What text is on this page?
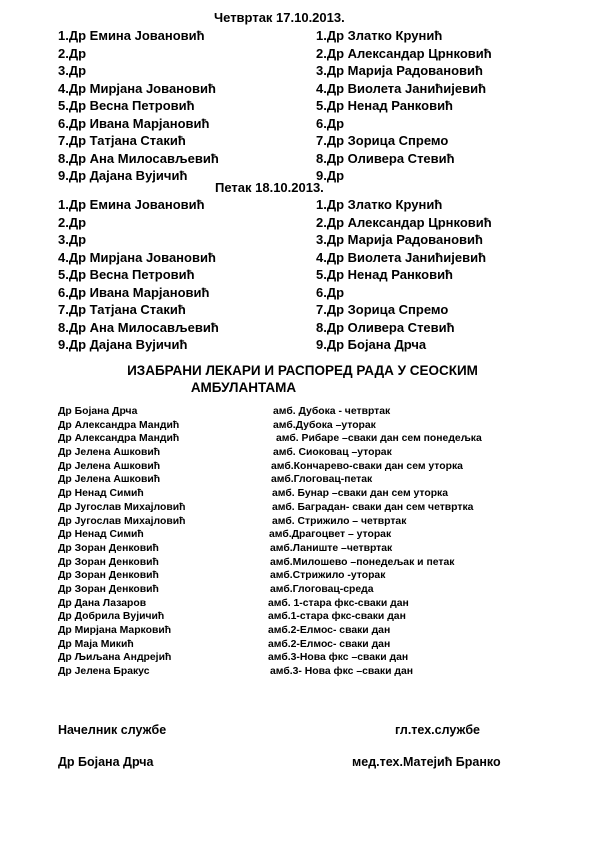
Четвртак 17.10.2013.
1.Др Емина Јовановић
2.Др
3.Др
4.Др Мирјана Јовановић
5.Др Весна Петровић
6.Др Ивана Марјановић
7.Др Татјана Стакић
8.Др Ана Милосављевић
9.Др Дајана Вујичић
1.Др Златко Крунић
2.Др Александар Црнковић
3.Др Марија Радовановић
4.Др Виолета Јанићијевић
5.Др Ненад Ранковић
6.Др
7.Др Зорица Спремо
8.Др Оливера Стевић
9.Др
Петак 18.10.2013.
1.Др Емина Јовановић
2.Др
3.Др
4.Др Мирјана Јовановић
5.Др Весна Петровић
6.Др Ивана Марјановић
7.Др Татјана Стакић
8.Др Ана Милосављевић
9.Др Дајана Вујичић
1.Др Златко Крунић
2.Др Александар Црнковић
3.Др Марија Радовановић
4.Др Виолета Јанићијевић
5.Др Ненад Ранковић
6.Др
7.Др Зорица Спремо
8.Др Оливера Стевић
9.Др Бојана Дрча
ИЗАБРАНИ ЛЕКАРИ И РАСПОРЕД РАДА У СЕОСКИМ
АМБУЛАНТАМА
Др Бојана Дрча
Др Александра Мандић
Др Александра Мандић
Др Јелена Ашковић
Др Јелена Ашковић
Др Јелена Ашковић
Др Ненад Симић
Др Југослав Михајловић
Др Југослав Михајловић
Др Ненад Симић
Др Зоран Денковић
Др Зоран Денковић
Др Зоран Денковић
Др Зоран Денковић
Др Дана Лазаров
Др Добрила Вујичић
Др Мирјана Марковић
Др Маја Микић
Др Љиљана Андрејић
Др Јелена Бракус
амб. Дубока - четвртак
амб.Дубока –уторак
амб. Рибаре –сваки дан сем понедељка
амб. Сиоковац –уторак
амб.Кончарево-сваки дан сем уторка
амб.Глоговац-петак
амб. Бунар –сваки дан сем уторка
амб. Баградан- сваки дан сем четвртка
амб. Стрижило – четвртак
амб.Драгоцвет – уторак
амб.Ланиште –четвртак
амб.Милошево –понедељак и петак
амб.Стрижило -уторак
амб.Глоговац-среда
амб. 1-стара фкс-сваки дан
амб.1-стара фкс-сваки дан
амб.2-Елмос- сваки дан
амб.2-Елмос- сваки дан
амб.3-Нова фкс –сваки дан
амб.3- Нова фкс –сваки дан
Начелник службе	гл.тех.службе
Др Бојана Дрча	мед.тех.Матејић Бранко
